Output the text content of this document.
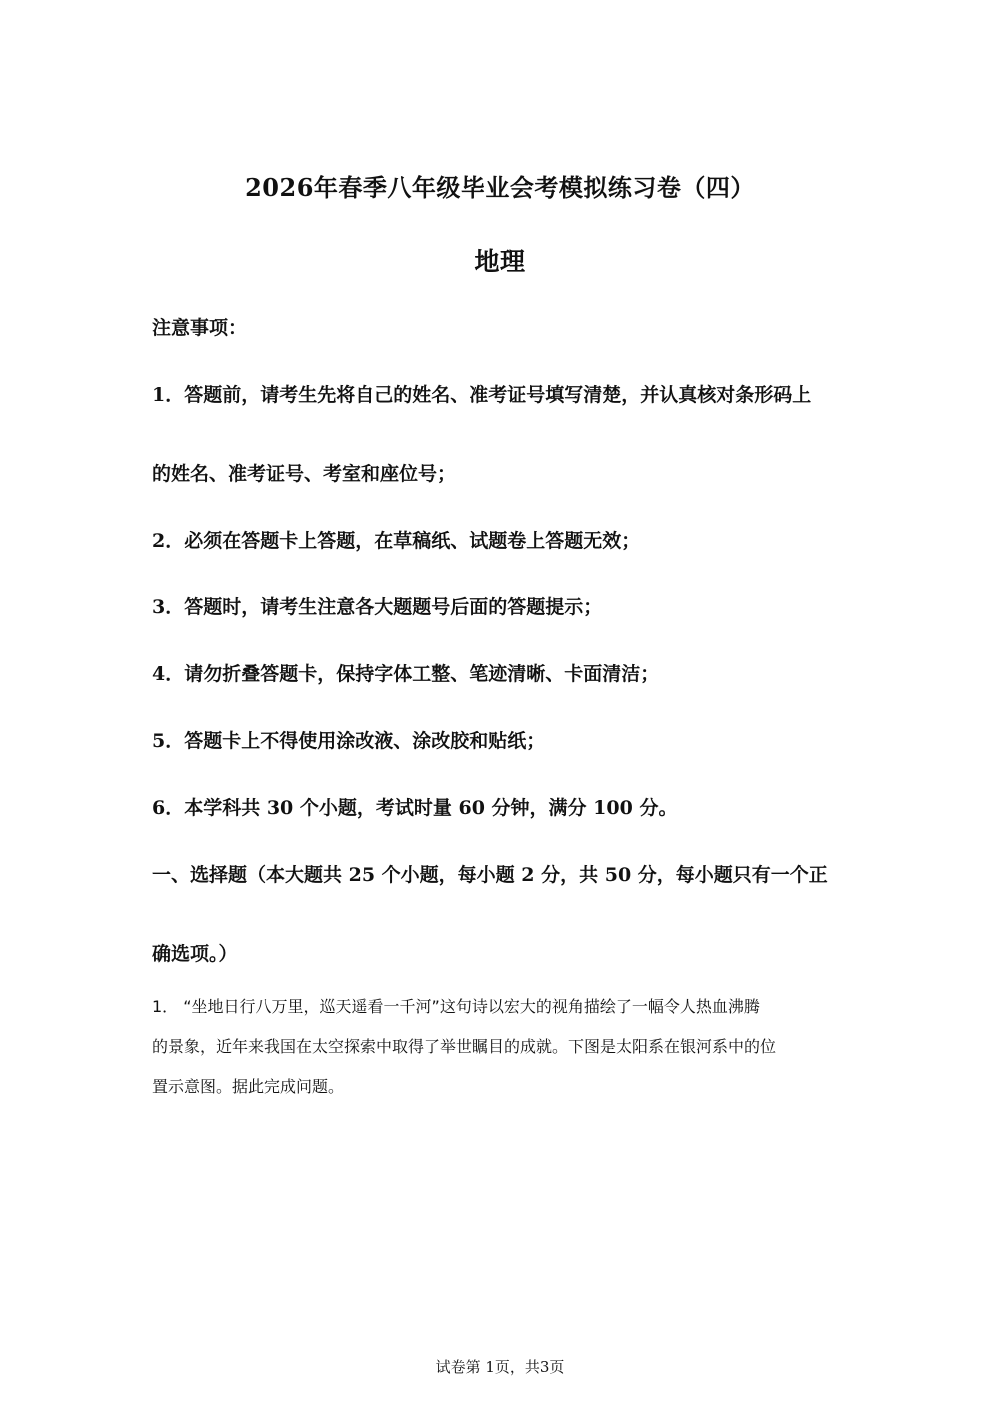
2026年春季八年级毕业会考模拟练习卷（四）
地理
注意事项：
1．答题前，请考生先将自己的姓名、准考证号填写清楚，并认真核对条形码上
的姓名、准考证号、考室和座位号；
2．必须在答题卡上答题，在草稿纸、试题卷上答题无效；
3．答题时，请考生注意各大题题号后面的答题提示；
4．请勿折叠答题卡，保持字体工整、笔迹清晰、卡面清洁；
5．答题卡上不得使用涂改液、涂改胶和贴纸；
6．本学科共 30 个小题，考试时量 60 分钟，满分 100 分。
一、选择题（本大题共 25 个小题，每小题 2 分，共 50 分，每小题只有一个正
确选项。）
1． “坐地日行八万里，巡天遥看一千河”这句诗以宏大的视角描绘了一幅令人热血沸腾
的景象，近年来我国在太空探索中取得了举世瞩目的成就。下图是太阳系在银河系中的位
置示意图。据此完成问题。
试卷第 1页，共3页
